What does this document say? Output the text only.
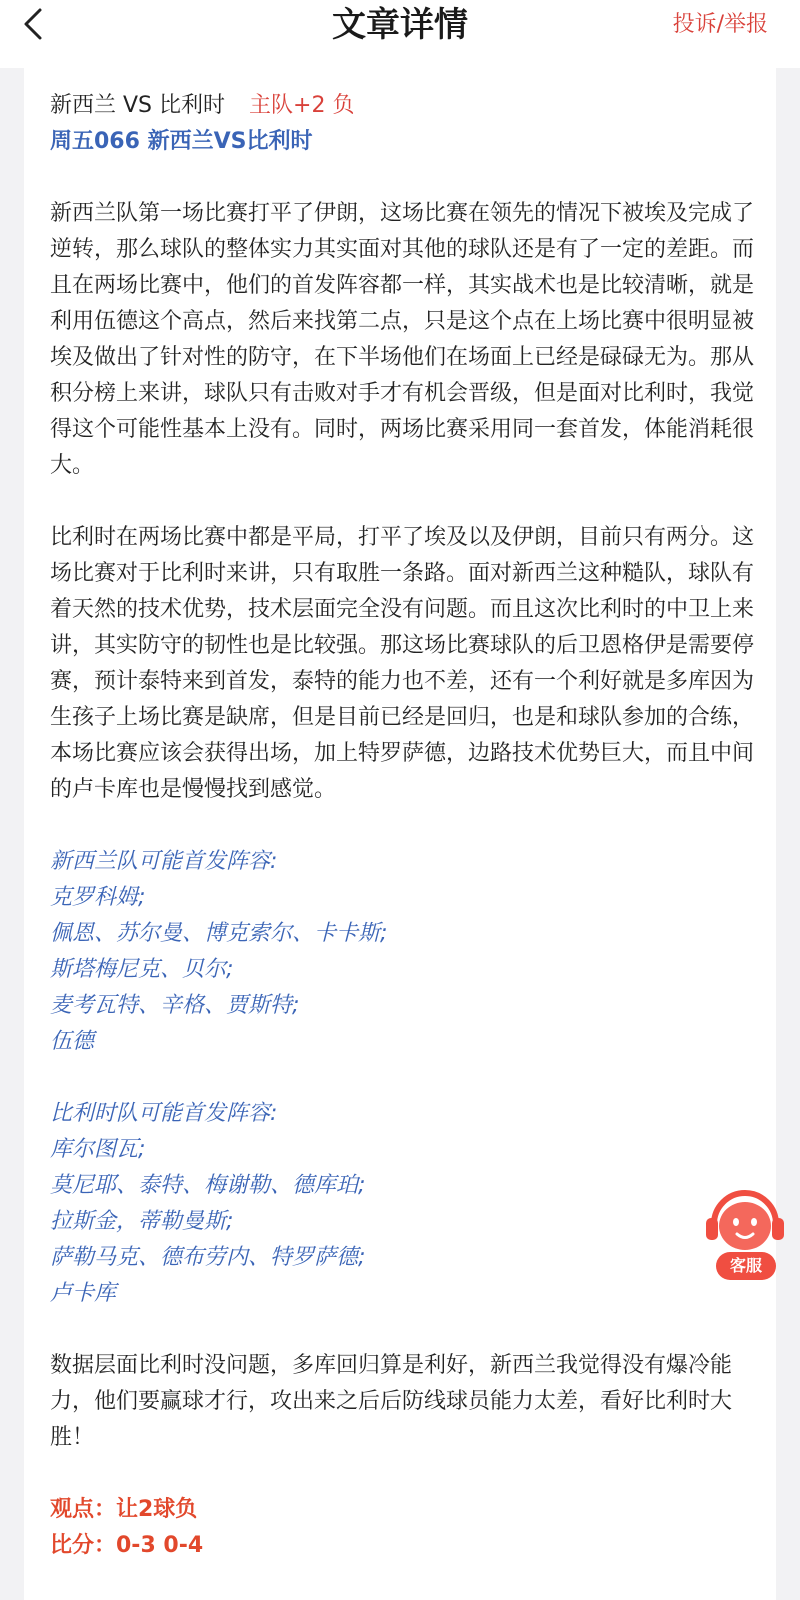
文章详情	投诉/举报
新西兰 VS 比利时 主队+2 负
周五066 新西兰VS比利时

新西兰队第一场比赛打平了伊朗，这场比赛在领先的情况下被埃及完成了逆转，那么球队的整体实力其实面对其他的球队还是有了一定的差距。而且在两场比赛中，他们的首发阵容都一样，其实战术也是比较清晰，就是利用伍德这个高点，然后来找第二点，只是这个点在上场比赛中很明显被埃及做出了针对性的防守，在下半场他们在场面上已经是碌碌无为。那从积分榜上来讲，球队只有击败对手才有机会晋级，但是面对比利时，我觉得这个可能性基本上没有。同时，两场比赛采用同一套首发，体能消耗很大。

比利时在两场比赛中都是平局，打平了埃及以及伊朗，目前只有两分。这场比赛对于比利时来讲，只有取胜一条路。面对新西兰这种糙队，球队有着天然的技术优势，技术层面完全没有问题。而且这次比利时的中卫上来讲，其实防守的韧性也是比较强。那这场比赛球队的后卫恩格伊是需要停赛，预计泰特来到首发，泰特的能力也不差，还有一个利好就是多库因为生孩子上场比赛是缺席，但是目前已经是回归，也是和球队参加的合练，本场比赛应该会获得出场，加上特罗萨德，边路技术优势巨大，而且中间的卢卡库也是慢慢找到感觉。

新西兰队可能首发阵容:
克罗科姆;
佩恩、苏尔曼、博克索尔、卡卡斯;
斯塔梅尼克、贝尔;
麦考瓦特、辛格、贾斯特;
伍德
比利时队可能首发阵容:
库尔图瓦;
莫尼耶、泰特、梅谢勒、德库珀;
拉斯金，蒂勒曼斯;
萨勒马克、德布劳内、特罗萨德;
卢卡库

数据层面比利时没问题，多库回归算是利好，新西兰我觉得没有爆冷能力，他们要赢球才行，攻出来之后后防线球员能力太差，看好比利时大胜！

观点：让2球负
比分：0-3 0-4
客服
